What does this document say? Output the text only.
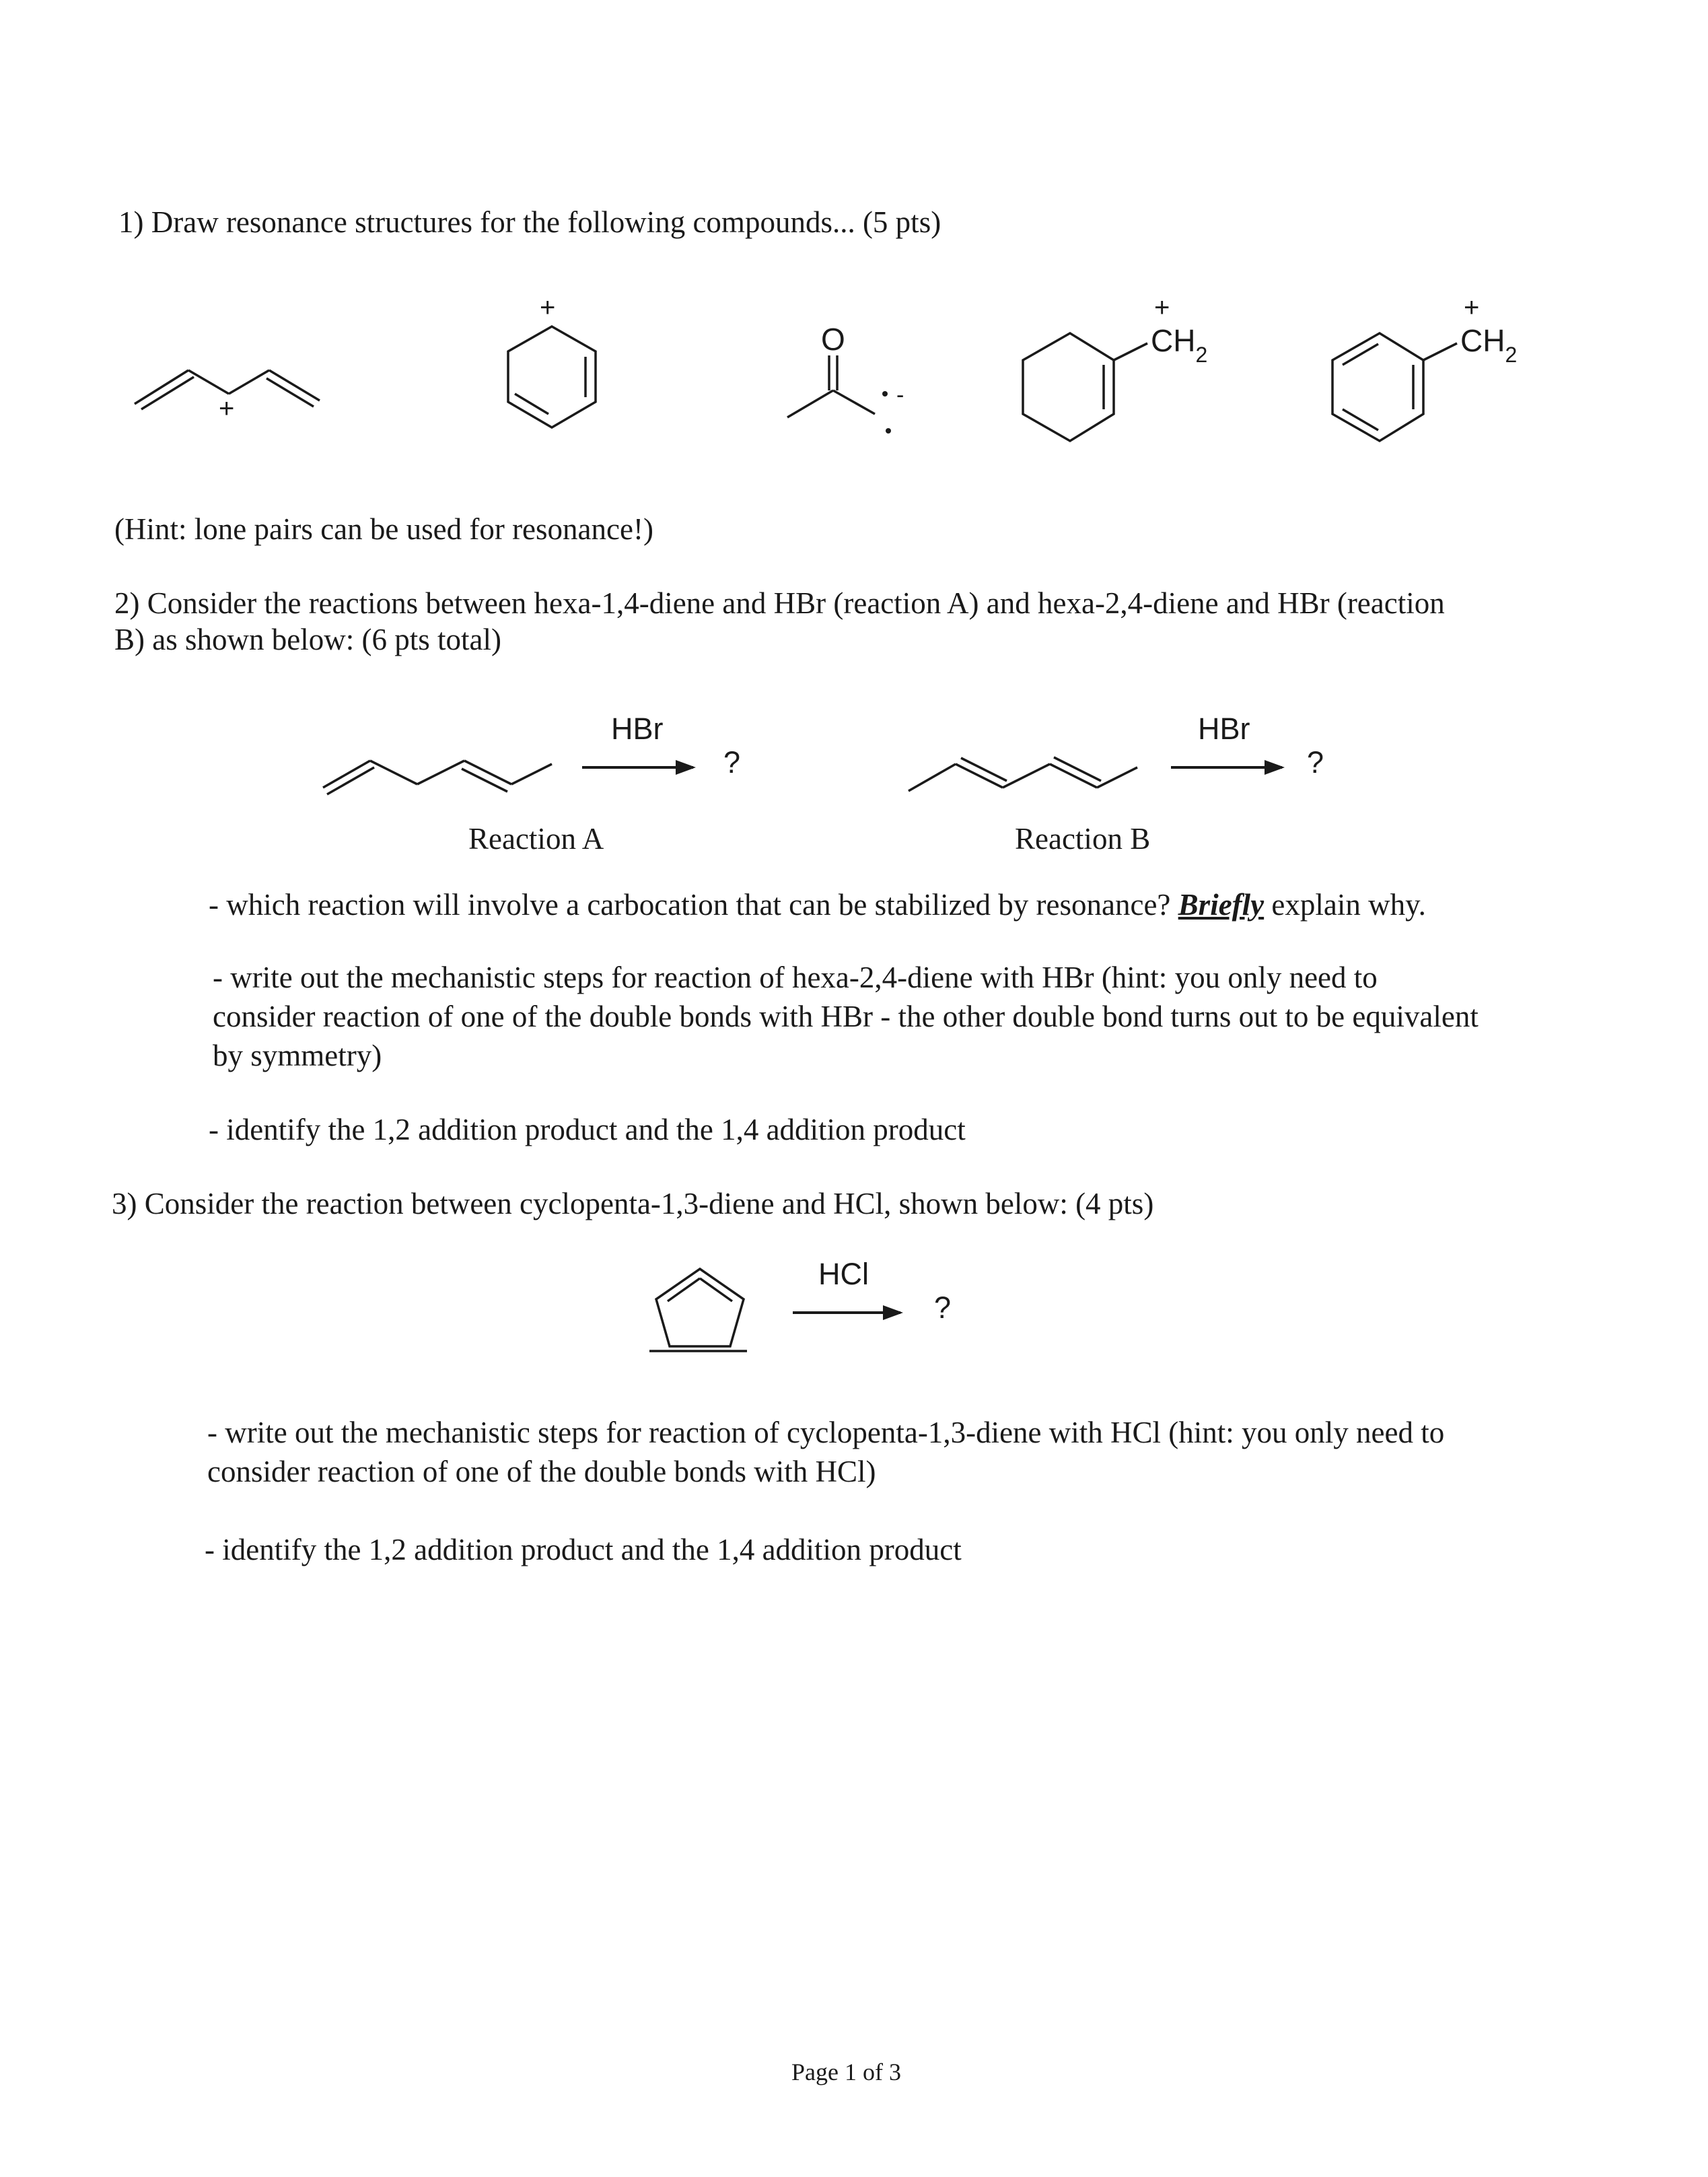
1) Draw resonance structures for the following compounds... (5 pts)
+
+
O
-
+
$CH_2$
+
$CH_2$
(Hint: lone pairs can be used for resonance!)
2) Consider the reactions between hexa-1,4-diene and HBr (reaction A) and hexa-2,4-diene and HBr (reaction
B) as shown below: (6 pts total)
HBr
?
HBr
?
Reaction A	Reaction B
- which reaction will involve a carbocation that can be stabilized by resonance? Briefly explain why.
- write out the mechanistic steps for reaction of hexa-2,4-diene with HBr (hint: you only need to
consider reaction of one of the double bonds with HBr - the other double bond turns out to be equivalent
by symmetry)
- identify the 1,2 addition product and the 1,4 addition product
3) Consider the reaction between cyclopenta-1,3-diene and HCl, shown below: (4 pts)
HCl
?
- write out the mechanistic steps for reaction of cyclopenta-1,3-diene with HCl (hint: you only need to
consider reaction of one of the double bonds with HCl)
- identify the 1,2 addition product and the 1,4 addition product
Page 1 of 3
